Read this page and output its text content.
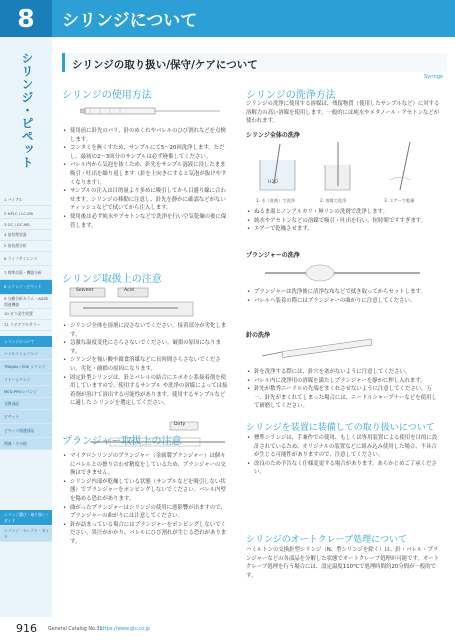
8	シリンジについて
Syringes
シリンジ・ピペット
1 バイアル
2 HPLC / LC-MS
3 GC / GC-MS
4 前処理容器
5 前処理分析
6 ライフサイエンス
7 標準試薬・機器分析
8 シリンジ・ピペット
9 分離分析カラム・ADSE関連機器
10 ガス発生装置
11 ラボアクセサリー
シリンジについて
ハミルトンシリンジ
TRAJAN / SGE シリンジ
イトーシリンジ
MED-PROシリンジ
交換部品
ピペット
ピペット関連部品
関連・その他
シリンジ選び・取り扱い・ガイド
シリンジ・セレクト・ガイド
シリンジの取り扱い/保守/ケアについて
Syringe
シリンジの使用方法
• 使用前に針先のバリ、針のめくれやバレルのひび割れなどを点検します。
• コンタミを無くすため、サンプルにて5〜20回洗浄します。ただし、最初の2〜3回分のサンプルは必ず廃棄してください。
• バレル内から気泡を抜くため、針先をサンプル溶液に浸したまま吸引・吐出を繰り返します（針を上向きにすると気泡が抜けやすくなります）。
• サンプルの注入は目的量より多めに吸引してから目盛り線に合わせます。シリンジの移動に注意し、針先を静かに確認などがないティッシュなどで拭いてから注入します。
• 使用後は必ず純水やアセトンなどで洗浄を行い空気乾燥の後に保管します。
シリンジ取扱上の注意
Solvent	Acid
• シリンジ全体を溶剤に浸さないでください。接着部分が劣化します。
• 急激な温度変化にさらさないでください。破損の原因になります。
• シリンジを強い酸や腐食溶媒などに長時間さらさないでください。劣化・破損の原因になります。
• 固定針型シリンジは、針とバレルの結合にエポキシ系接着剤を使用していますので、使用するサンプル や洗浄の溶媒によっては接着剤が溶けて溶出する可能性があります。使用するサンプルなどに適した シリンジを選定してください。
プランジャー取扱上の注意
Dirty
• マイクロシリンジのプランジャー（金属製プランジャー）は個々にバレルとの擦り合わせ精度をしているため、プランジャーの交換はできません。
• シリンジ内部が乾燥している状態（サンプルなどを吸引しない状態）でプランジャーをポンピングしないでください。バレル内壁を傷める恐れがあります。
• 曲がったプランジャーはシリンジの使用に悪影響が出ますので、プランジャーの曲がりには注意してください。
• 針が詰まっている場合にはプランジャーをポンピングしないでください。異圧がかかり、バレルにひび割れが生じる恐れがあります。
シリンジの洗浄方法
シリンジの洗浄に使用する溶媒は、残留物質（使用したサンプルなど）に対する溶解力の高い溶媒を使用します。一般的には純水やメタノール・アセトンなどが使われます。
シリンジ全体の洗浄
H2O
1. 水（洗剤）で洗浄	2. 溶媒で洗浄	3. エアーで乾燥
• ぬるま湯とノンアルカリ・無リンの洗剤で洗浄します。
• 純水やアセトンなどの溶媒で吸引・吐出を行い、短時間ですすぎます。
• エアーで乾燥させます。
プランジャーの洗浄
• プランジャーは洗浄後に清浄な布などで拭き取ってからセットします。
• バレルへ装着の際にはプランジャーの曲がりに注意してください。
針の洗浄
• 針を洗浄する際には、針穴を塞がないように注意してください。
• バレル内に洗浄用の溶媒を満たしプランジャーを静かに押し入れます。
• 針先が数秀ニードルの先端をまくれさせないように注意してください。万一、針先がまくれてしまった場合には、ニードルシャープナーなどを使用して研磨してください。
シリンジを装置に装備しての取り扱いについて
• 標準シリンジは、手兼作での使用、もしくは専用装置による使用を目的に設計されているため、オリジナルの装置などに組み込み使用した場合、不具合が生じる可能性がありますので、注意してください。
• 改良のため予告なく仕様変更する場合があります。あらかじめご了承ください。
シリンジのオートクレーブ処理について
ハミルトンの交換針型シリンジ（N、型シリンジを除く）は、針・バレル・プランジャーなどの各部品を分解した状態でオートクレーブ処理が可能です。オートクレーブ処理を行う場合には、設定温度110℃で処理時間約20分間が一般的です。
916 General Catalog No.31
https://www.gls.co.jp
